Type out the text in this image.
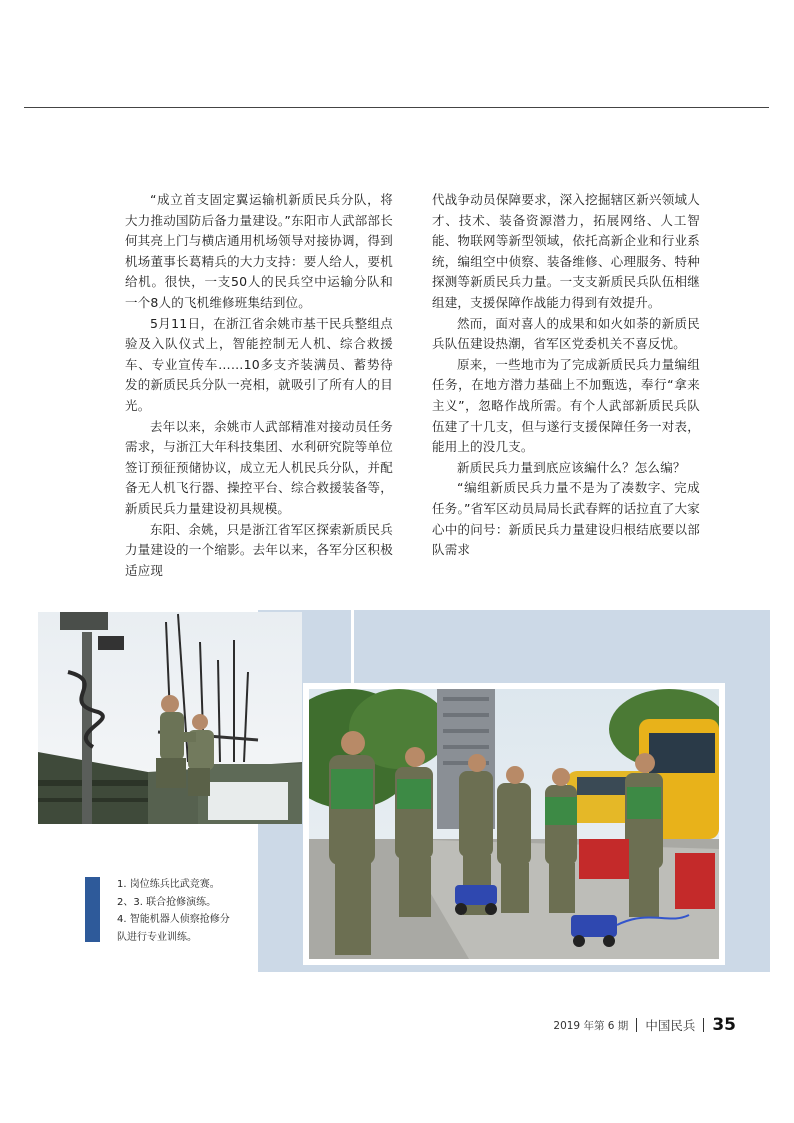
“成立首支固定翼运输机新质民兵分队，将大力推动国防后备力量建设。”东阳市人武部部长何其亮上门与横店通用机场领导对接协调，得到机场董事长葛精兵的大力支持：要人给人，要机给机。很快，一支50人的民兵空中运输分队和一个8人的飞机维修班集结到位。

5月11日，在浙江省余姚市基干民兵整组点验及入队仪式上，智能控制无人机、综合救援车、专业宣传车……10多支齐装满员、蓄势待发的新质民兵分队一亮相，就吸引了所有人的目光。

去年以来，余姚市人武部精准对接动员任务需求，与浙江大年科技集团、水利研究院等单位签订预征预储协议，成立无人机民兵分队，并配备无人机飞行器、操控平台、综合救援装备等，新质民兵力量建设初具规模。

东阳、余姚，只是浙江省军区探索新质民兵力量建设的一个缩影。去年以来，各军分区积极适应现

代战争动员保障要求，深入挖掘辖区新兴领域人才、技术、装备资源潜力，拓展网络、人工智能、物联网等新型领域，依托高新企业和行业系统，编组空中侦察、装备维修、心理服务、特种探测等新质民兵力量。一支支新质民兵队伍相继组建，支援保障作战能力得到有效提升。

然而，面对喜人的成果和如火如荼的新质民兵队伍建设热潮，省军区党委机关不喜反忧。

原来，一些地市为了完成新质民兵力量编组任务，在地方潜力基础上不加甄选，奉行“拿来主义”，忽略作战所需。有个人武部新质民兵队伍建了十几支，但与遂行支援保障任务一对表，能用上的没几支。

新质民兵力量到底应该編什么？怎么编？

“编组新质民兵力量不是为了凑数字、完成任务。”省军区动员局局长武春辉的话拉直了大家心中的问号：新质民兵力量建设归根结底要以部队需求

1. 岗位练兵比武竞赛。
2、3. 联合抢修演练。
4. 智能机器人侦察抢修分
队进行专业训练。
2019 年第 6 期 中国民兵 35
